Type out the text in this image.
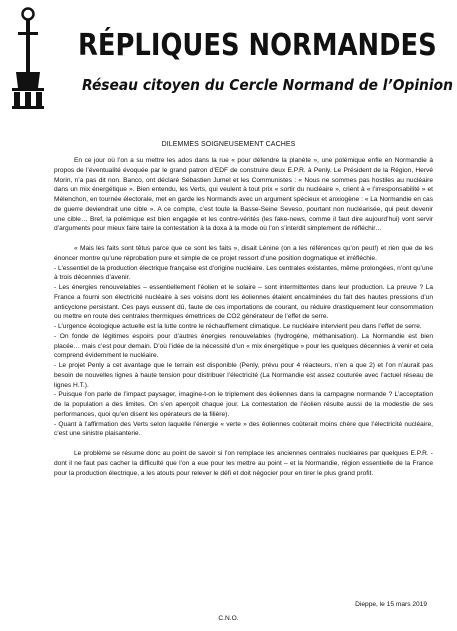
RÉPLIQUES NORMANDES
Réseau citoyen du Cercle Normand de l’Opinion
DILEMMES SOIGNEUSEMENT CACHES

En ce jour où l’on a su mettre les ados dans la rue « pour défendre la planète », une polémique enfle en Normandie à propos de l’éventualité évoquée par le grand patron d’EDF de construire deux E.P.R. à Penly. Le Président de la Région, Hervé Morin, n’a pas dit non. Banco, ont déclaré Sébastien Jumel et les Communistes : « Nous ne sommes pas hostiles au nucléaire dans un mix énergétique ». Bien entendu, les Verts, qui veulent à tout prix « sortir du nucléaire », crient à « l’irresponsabilité » et Mélenchon, en tournée électorale, met en garde les Normands avec un argument spécieux et anxiogène : « La Normandie en cas de guerre deviendrait une cible ». A ce compte, c’est toute la Basse-Seine Seveso, pourtant non nucléarisée, qui peut devenir une cible… Bref, la polémique est bien engagée et les contre-vérités (les fake-news, comme il faut dire aujourd’hui) vont servir d’arguments pour mieux faire taire la contestation à la doxa à la mode où l’on s’interdit simplement de réfléchir…

« Mais les faits sont têtus parce que ce sont les faits », disait Lénine (on a les références qu’on peut!) et rien que de les énoncer montre qu’une réprobation pure et simple de ce projet ressort d’une position dogmatique et irréfléchie.

- L’essentiel de la production électrique française est d’origine nucléaire. Les centrales existantes, même prolongées, n’ont qu’une à trois décennies d’avenir.

- Les énergies renouvelables – essentiellement l’éolien et le solaire – sont intermittentes dans leur production. La preuve ? La France a fourni son électricité nucléaire à ses voisins dont les éoliennes étaient encalminées du fait des hautes pressions d’un anticyclone persistant. Ces pays eussent dû, faute de ces importations de courant, ou réduire drastiquement leur consommation ou mettre en route des centrales thermiques émettrices de CO2 générateur de l’effet de serre.

- L’urgence écologique actuelle est la lutte contre le réchauffement climatique. Le nucléaire intervient peu dans l’effet de serre.

- On fonde de légitimes espoirs pour d’autres énergies renouvelables (hydrogène, méthanisation). La Normandie est bien placée… mais c’est pour demain. D’où l’idée de la nécessité d’un « mix énergétique » pour les quelques décennies à venir et cela comprend évidemment le nucléaire.

- Le projet Penly a cet avantage que le terrain est disponible (Penly, prévu pour 4 réacteurs, n’en a que 2) et l’on n’aurait pas besoin de nouvelles lignes à haute tension pour distribuer l’électricité (La Normandie est assez couturée avec l’actuel réseau de lignes H.T.).

- Puisque l’on parle de l’impact paysager, imagine-t-on le triplement des éoliennes dans la campagne normande ? L’acceptation de la population a des limites. On s’en aperçoit chaque jour. La contestation de l’éolien résulte aussi de la modestie de ses performances, quoi qu’en disent les opérateurs de la filière).

- Quant à l’affirmation des Verts selon laquelle l’énergie « verte » des éoliennes coûterait moins chère que l’électricité nucléaire, c’est une sinistre plaisanterie.

Le problème se résume donc au point de savoir si l’on remplace les anciennes centrales nucléaires par quelques E.P.R. - dont il ne faut pas cacher la difficulté que l’on a eue pour les mettre au point – et la Normandie, région essentielle de la France pour la production électrique, a les atouts pour relever le défi et doit négocier pour en tirer le plus grand profit.

Dieppe, le 15 mars 2019
C.N.O.
